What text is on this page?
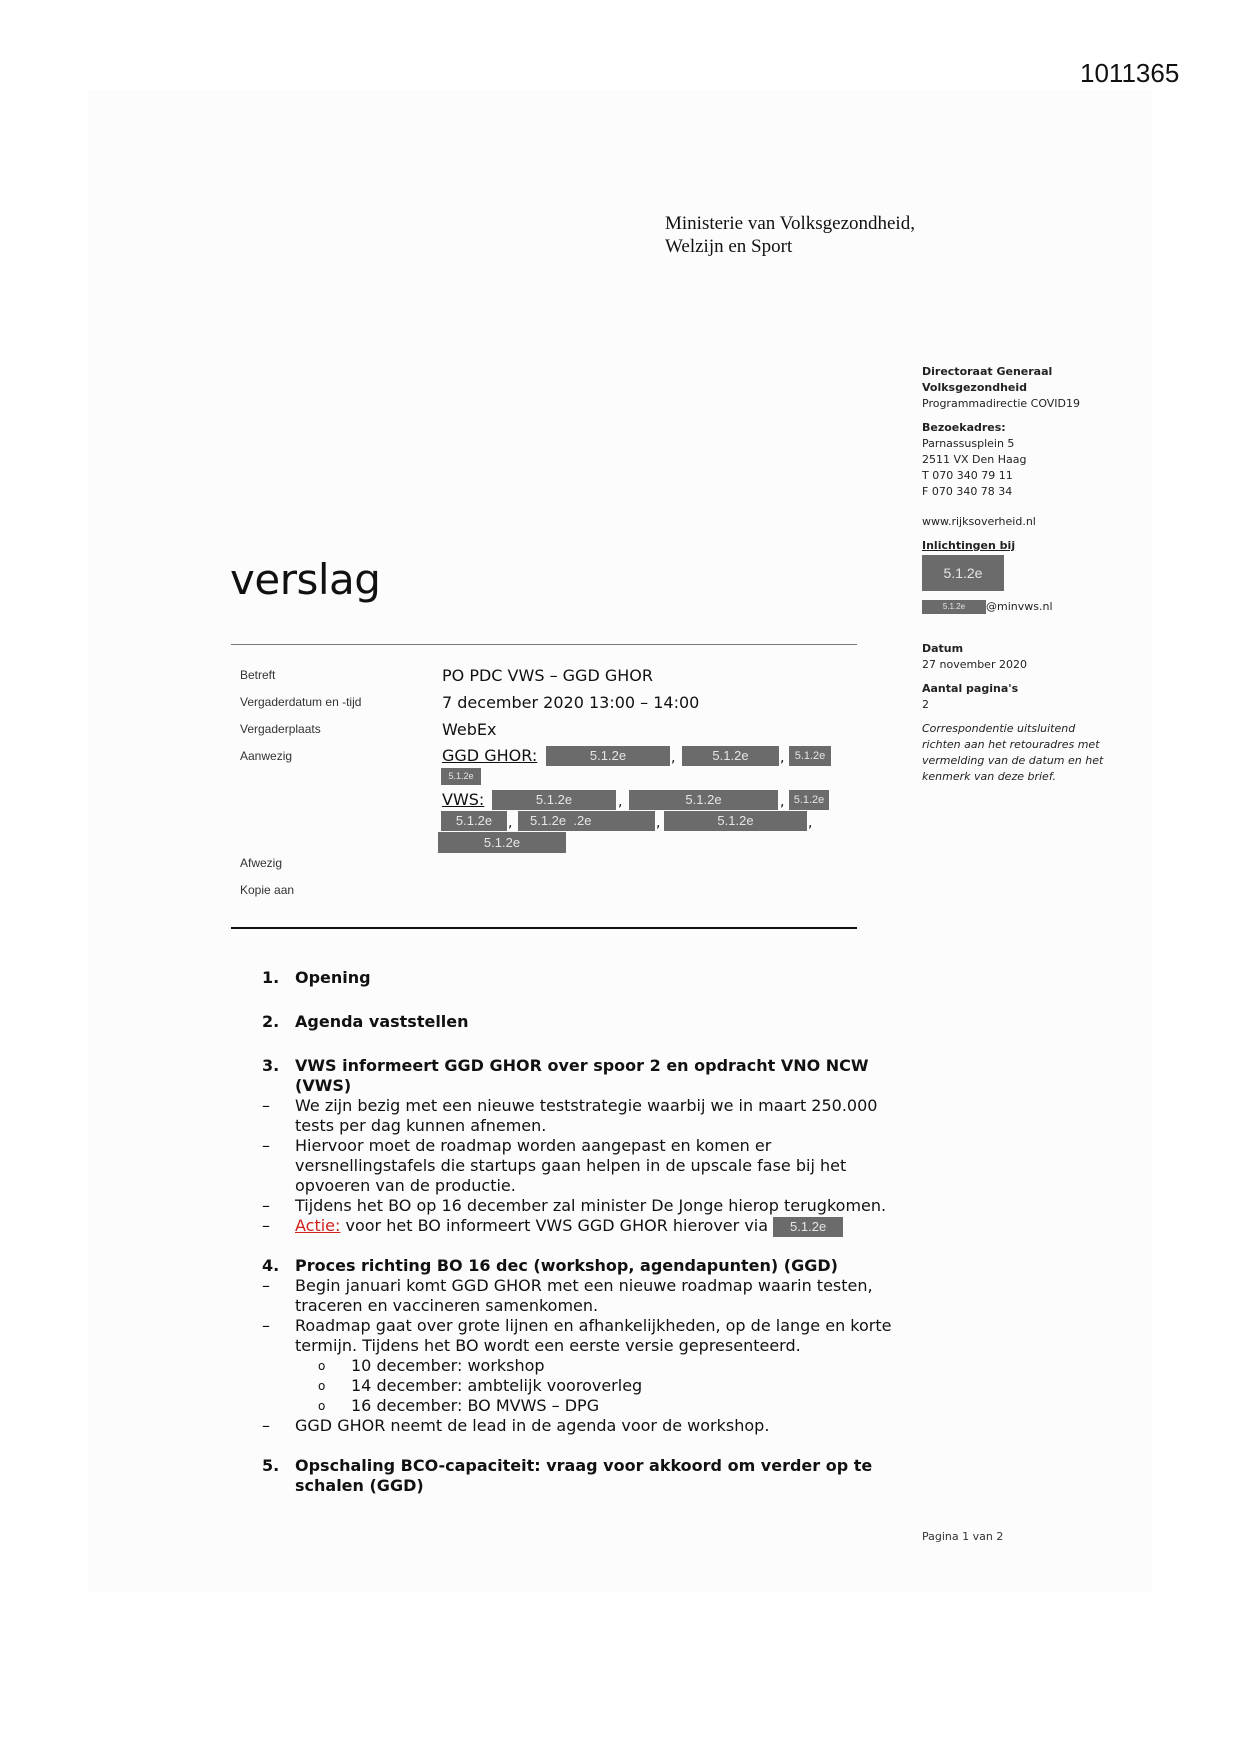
1011365
Ministerie van Volksgezondheid,
Welzijn en Sport
Directoraat Generaal
Volksgezondheid
Programmadirectie COVID19
Bezoekadres:
Parnassusplein 5
2511 VX Den Haag
T 070 340 79 11
F 070 340 78 34
www.rijksoverheid.nl
Inlichtingen bij
5.1.2e
5.1.2e @minvws.nl
Datum
27 november 2020
Aantal pagina's
2
Correspondentie uitsluitend richten aan het retouradres met vermelding van de datum en het kenmerk van deze brief.
verslag
Betreft	PO PDC VWS – GGD GHOR
Vergaderdatum en -tijd	7 december 2020 13:00 – 14:00
Vergaderplaats	WebEx
Aanwezig	GGD GHOR:	5.1.2e	,	5.1.2e	, 5.1.2e
5.1.2e
VWS:	5.1.2e	,	5.1.2e	, 5.1.2e
5.1.2e	,	5.1.2e .2e	,	5.1.2e	,
5.1.2e
Afwezig
Kopie aan
1. Opening
2. Agenda vaststellen
3. VWS informeert GGD GHOR over spoor 2 en opdracht VNO NCW (VWS)
–	We zijn bezig met een nieuwe teststrategie waarbij we in maart 250.000 tests per dag kunnen afnemen.
–	Hiervoor moet de roadmap worden aangepast en komen er versnellingstafels die startups gaan helpen in de upscale fase bij het opvoeren van de productie.
–	Tijdens het BO op 16 december zal minister De Jonge hierop terugkomen.
–	Actie: voor het BO informeert VWS GGD GHOR hierover via 5.1.2e
4. Proces richting BO 16 dec (workshop, agendapunten) (GGD)
–	Begin januari komt GGD GHOR met een nieuwe roadmap waarin testen, traceren en vaccineren samenkomen.
–	Roadmap gaat over grote lijnen en afhankelijkheden, op de lange en korte termijn. Tijdens het BO wordt een eerste versie gepresenteerd.
o	10 december: workshop
o	14 december: ambtelijk vooroverleg
o	16 december: BO MVWS – DPG
–	GGD GHOR neemt de lead in de agenda voor de workshop.
5. Opschaling BCO-capaciteit: vraag voor akkoord om verder op te schalen (GGD)
Pagina 1 van 2
